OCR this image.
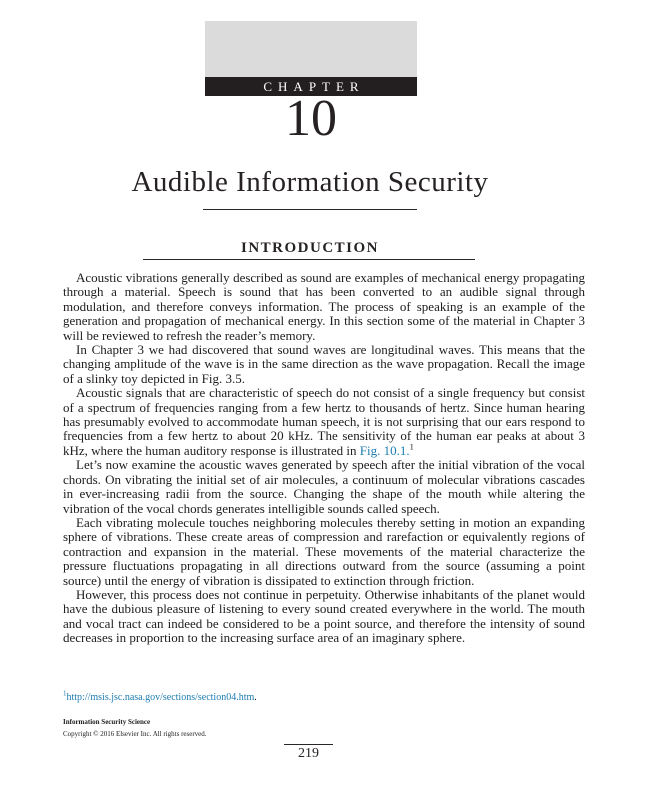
CHAPTER
10
Audible Information Security
INTRODUCTION

Acoustic vibrations generally described as sound are examples of mechanical energy propagating through a material. Speech is sound that has been converted to an audible signal through modulation, and therefore conveys information. The process of speaking is an example of the generation and propagation of mechanical energy. In this section some of the material in Chapter 3 will be reviewed to refresh the reader’s memory.

In Chapter 3 we had discovered that sound waves are longitudinal waves. This means that the changing amplitude of the wave is in the same direction as the wave propagation. Recall the image of a slinky toy depicted in Fig. 3.5.

Acoustic signals that are characteristic of speech do not consist of a single frequency but consist of a spectrum of frequencies ranging from a few hertz to thousands of hertz. Since human hearing has presumably evolved to accommodate human speech, it is not surprising that our ears respond to frequencies from a few hertz to about 20 kHz. The sensitivity of the human ear peaks at about 3 kHz, where the human auditory response is illustrated in Fig. 10.1.$^1$

Let’s now examine the acoustic waves generated by speech after the initial vibration of the vocal chords. On vibrating the initial set of air molecules, a continuum of molecular vibrations cascades in ever-increasing radii from the source. Changing the shape of the mouth while altering the vibration of the vocal chords generates intelligible sounds called speech.

Each vibrating molecule touches neighboring molecules thereby setting in motion an expanding sphere of vibrations. These create areas of compression and rarefaction or equivalently regions of contraction and expansion in the material. These movements of the material characterize the pressure fluctuations propagating in all directions outward from the source (assuming a point source) until the energy of vibration is dissipated to extinction through friction.

However, this process does not continue in perpetuity. Otherwise inhabitants of the planet would have the dubious pleasure of listening to every sound created everywhere in the world. The mouth and vocal tract can indeed be considered to be a point source, and therefore the intensity of sound decreases in proportion to the increasing surface area of an imaginary sphere.

$^1$http://msis.jsc.nasa.gov/sections/section04.htm.
Information Security Science
Copyright © 2016 Elsevier Inc. All rights reserved.
219
